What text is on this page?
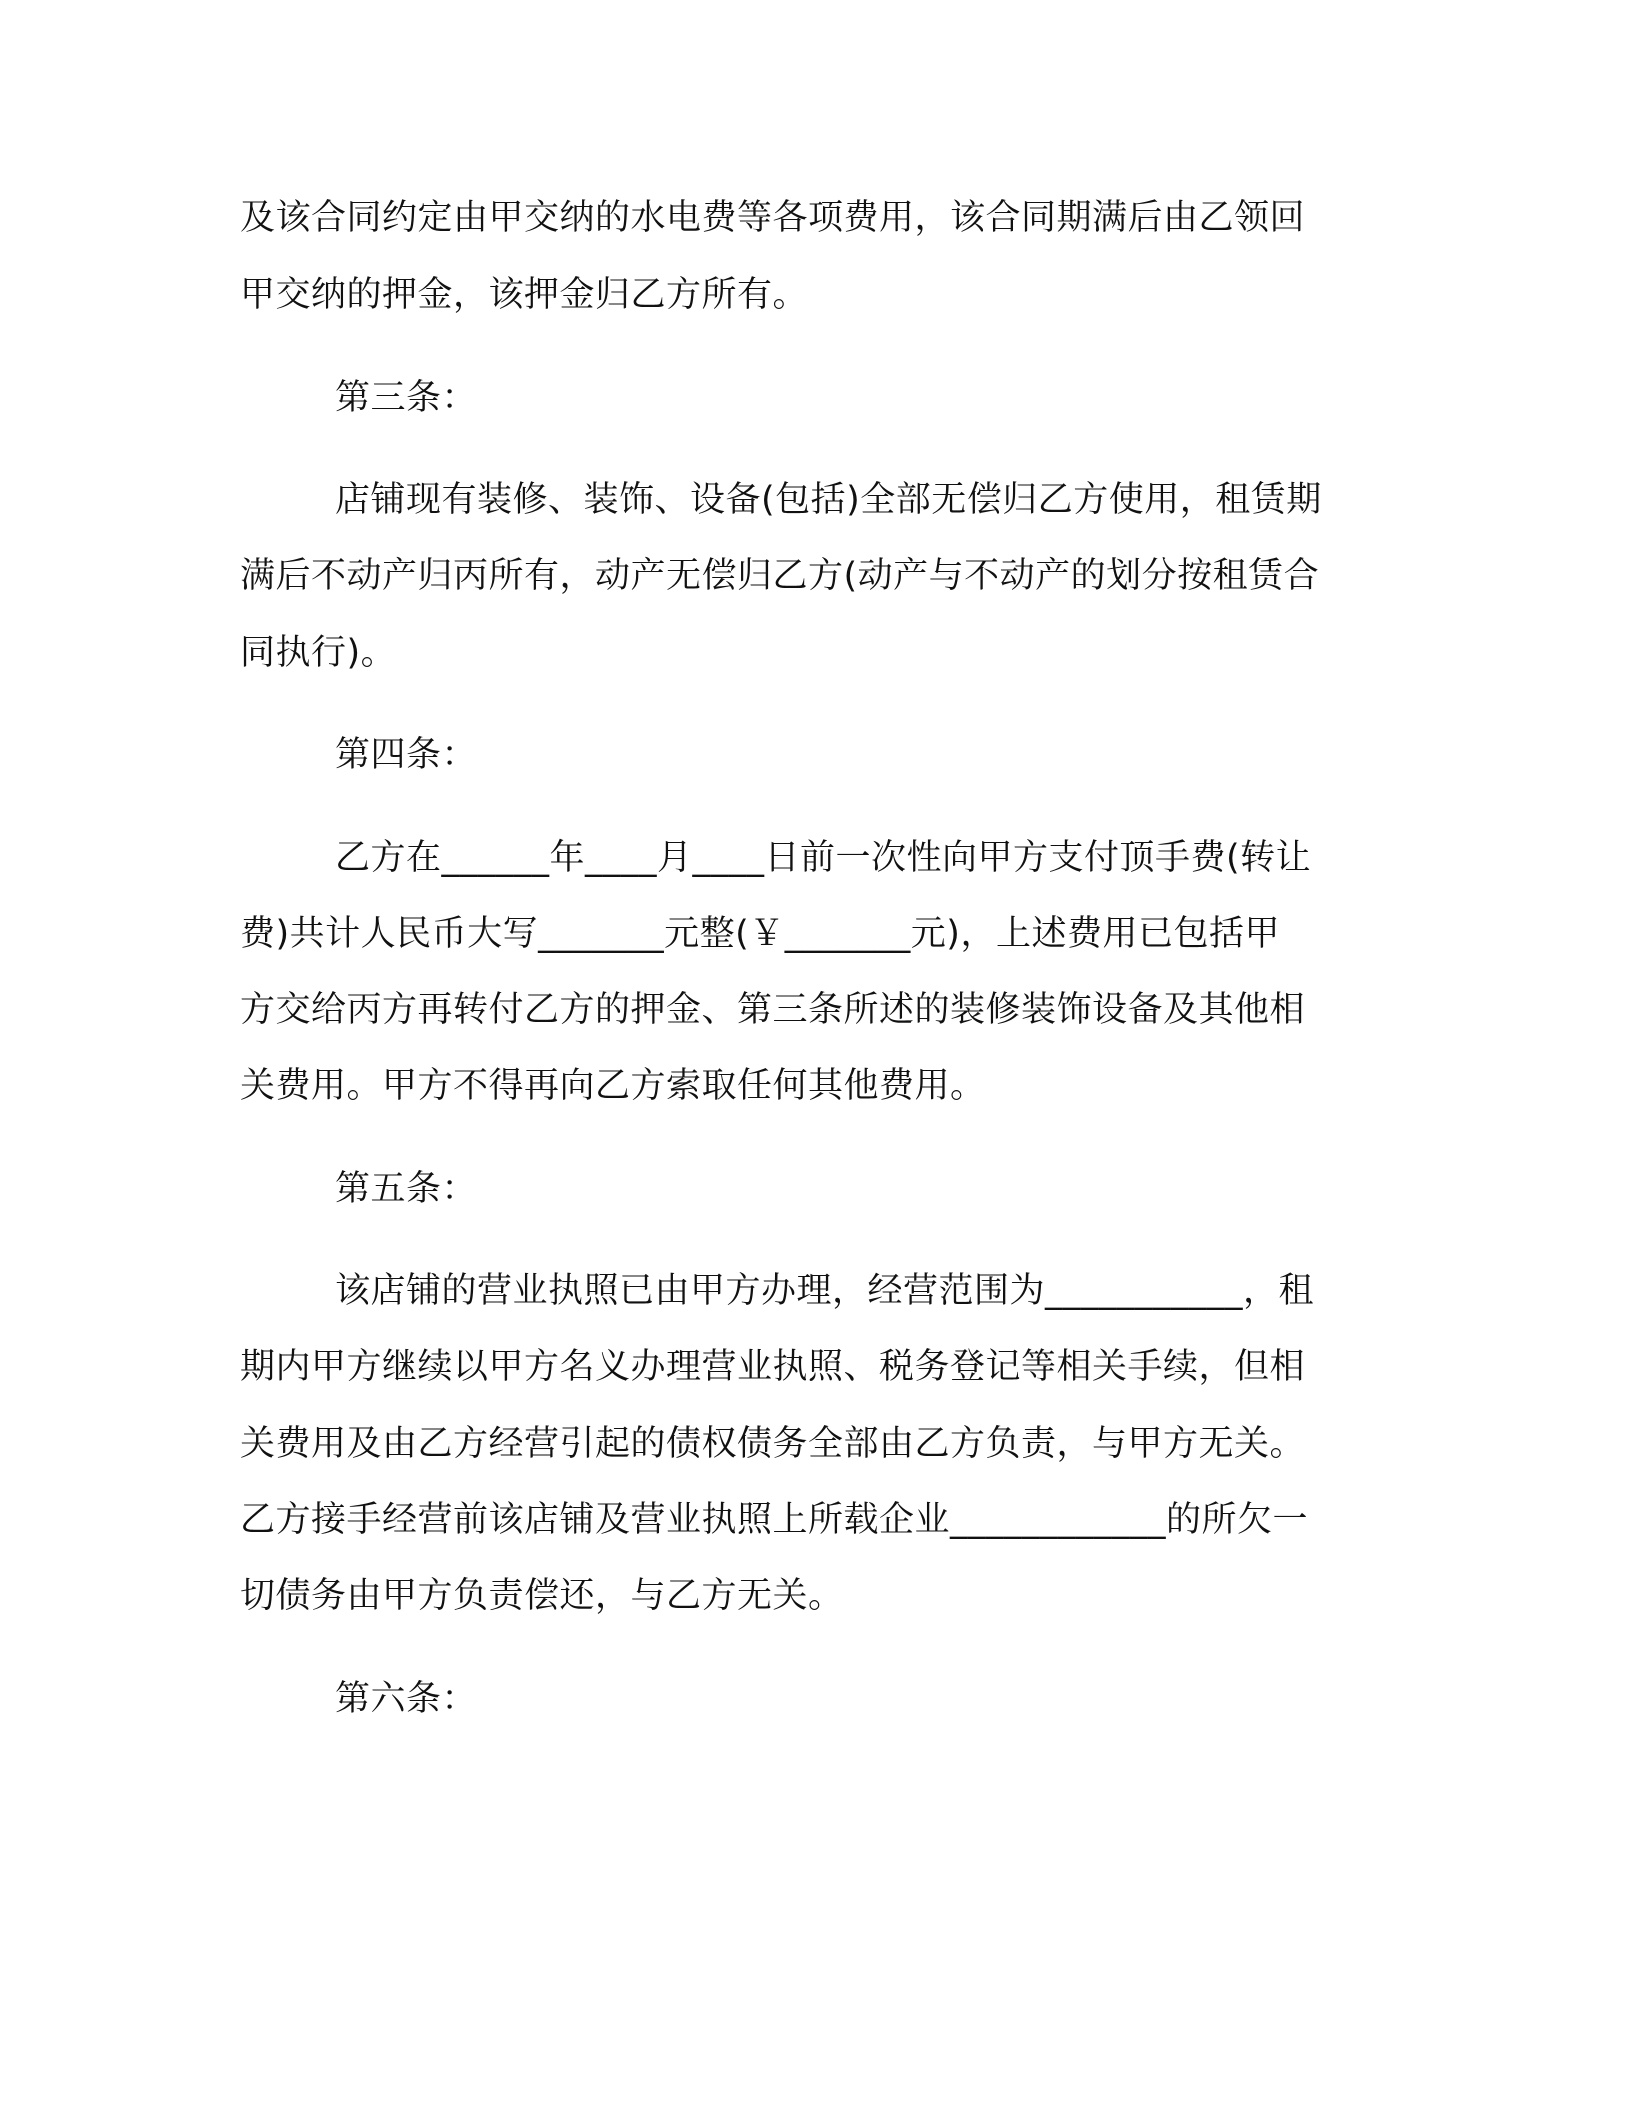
及该合同约定由甲交纳的水电费等各项费用，该合同期满后由乙领回
甲交纳的押金，该押金归乙方所有。
第三条：
店铺现有装修、装饰、设备(包括)全部无偿归乙方使用，租赁期
满后不动产归丙所有，动产无偿归乙方(动产与不动产的划分按租赁合
同执行)。
第四条：
乙方在______年____月____日前一次性向甲方支付顶手费(转让
费)共计人民币大写_______元整(￥_______元)，上述费用已包括甲
方交给丙方再转付乙方的押金、第三条所述的装修装饰设备及其他相
关费用。甲方不得再向乙方索取任何其他费用。
第五条：
该店铺的营业执照已由甲方办理，经营范围为___________，租
期内甲方继续以甲方名义办理营业执照、税务登记等相关手续，但相
关费用及由乙方经营引起的债权债务全部由乙方负责，与甲方无关。
乙方接手经营前该店铺及营业执照上所载企业____________的所欠一
切债务由甲方负责偿还，与乙方无关。
第六条：
